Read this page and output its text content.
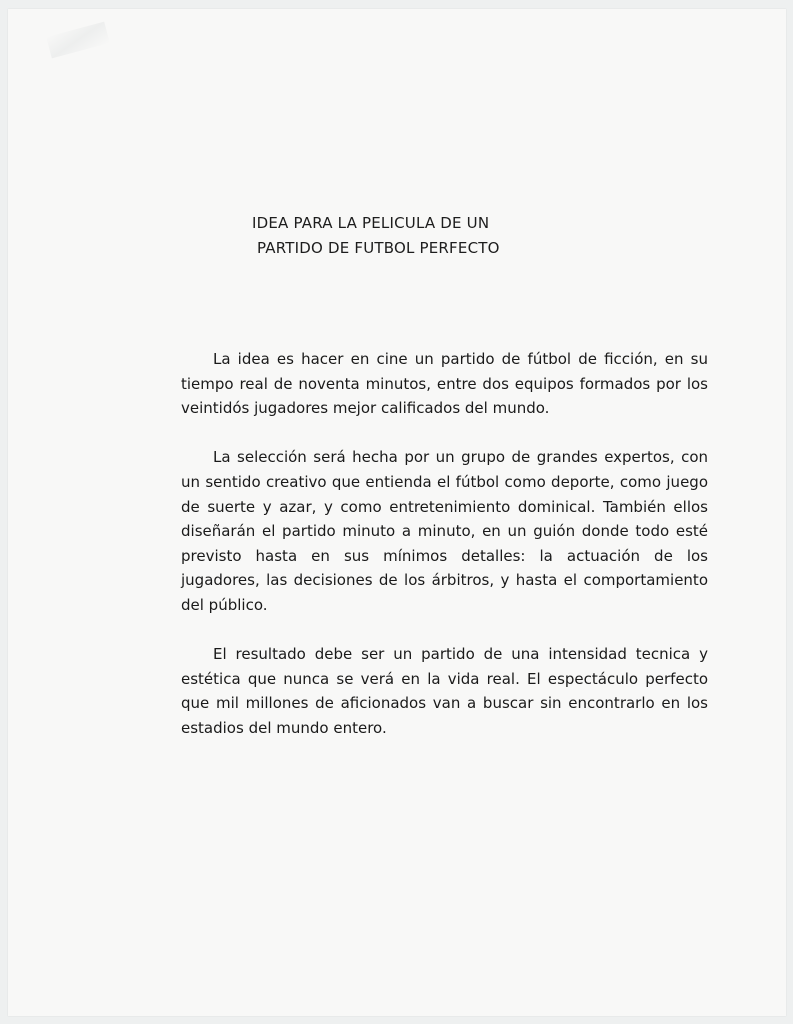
IDEA PARA LA PELICULA DE UN
PARTIDO DE FUTBOL PERFECTO

La idea es hacer en cine un partido de fútbol de ficción, en su tiempo real de noventa minutos, entre dos equipos formados por los veintidós jugadores mejor calificados del mundo.

La selección será hecha por un grupo de grandes expertos, con un sentido creativo que entienda el fútbol como deporte, como juego de suerte y azar, y como entretenimiento dominical. También ellos diseñarán el partido minuto a minuto, en un guión donde todo esté previsto hasta en sus mínimos detalles: la actuación de los jugadores, las decisiones de los árbitros, y hasta el comportamiento del público.

El resultado debe ser un partido de una intensidad tecnica y estética que nunca se verá en la vida real. El espectáculo perfecto que mil millones de aficionados van a buscar sin encontrarlo en los estadios del mundo entero.
